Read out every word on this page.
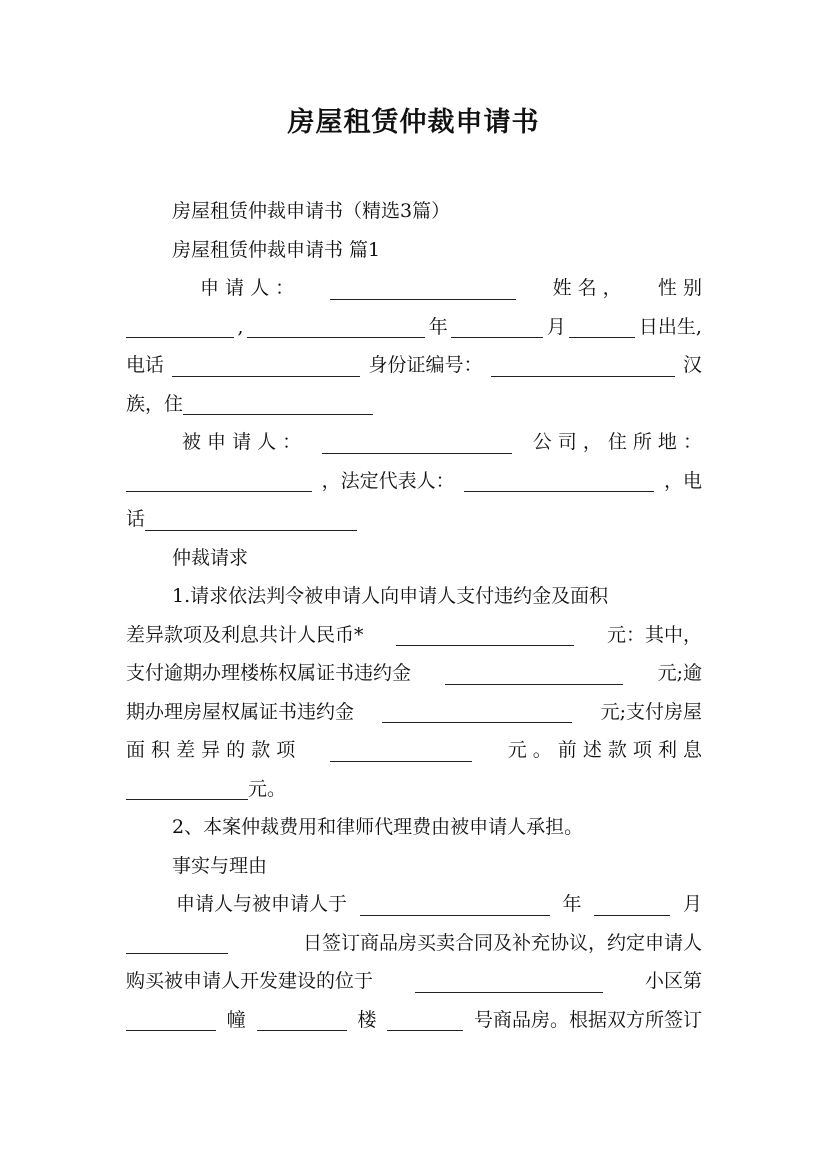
房屋租赁仲裁申请书
房屋租赁仲裁申请书（精选3篇）
房屋租赁仲裁申请书 篇1
申 请 人 ：	姓 名 ， 性 别
,	年	月	日出生,
电话	身份证编号：	汉
族，住
被 申 请 人 ：	公 司 ， 住 所 地 ：
，法定代表人：	，电
话
仲裁请求
1.请求依法判令被申请人向申请人支付违约金及面积
差异款项及利息共计人民币*	元：其中，
支付逾期办理楼栋权属证书违约金	元;逾
期办理房屋权属证书违约金	元;支付房屋
面 积 差 异 的 款 项	元 。 前 述 款 项 利 息
元。
2、本案仲裁费用和律师代理费由被申请人承担。
事实与理由
申请人与被申请人于	年	月
日签订商品房买卖合同及补充协议，约定申请人
购买被申请人开发建设的位于	小区第
幢	楼	号商品房。根据双方所签订
